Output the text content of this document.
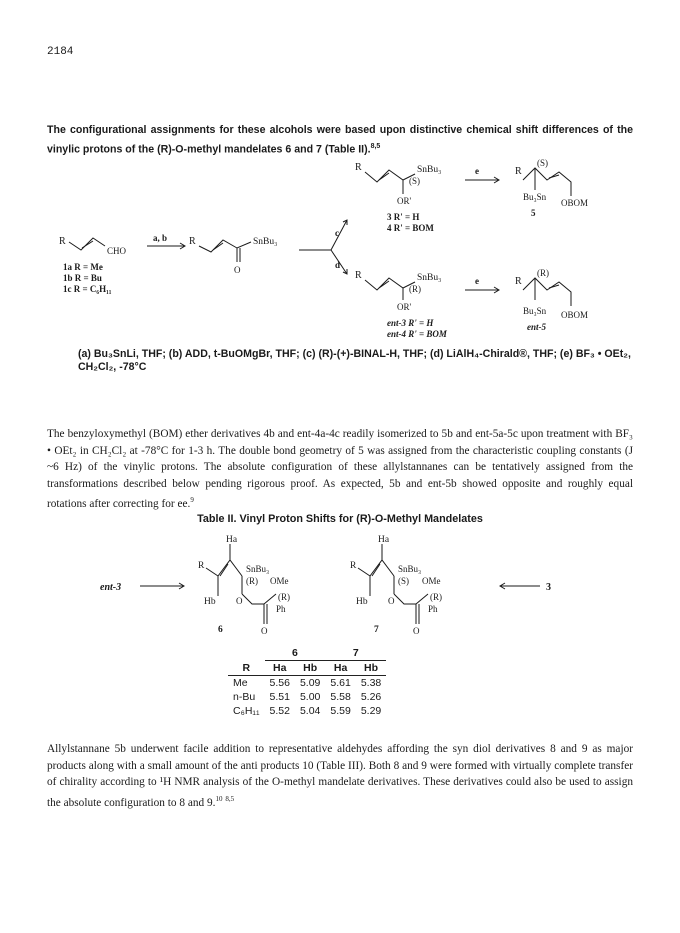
2184

The configurational assignments for these alcohols were based upon distinctive chemical shift differences of the vinylic protons of the (R)-O-methyl mandelates 6 and 7 (Table II).$^{8,5}$

R
CHO
1a R = Me
1b R = Bu
1c R = C₆H₁₁
a, b R	SnBu₃
O
c
d
R	SnBu₃
(S)
OR'
3 R' = H
4 R' = BOM
e	R
(S)
Bu₃Sn
OBOM
5
R	SnBu₃
(R)
OR'
ent-3 R' = H
ent-4 R' = BOM
e	R
(R)
Bu₃Sn OBOM
ent-5
(a) Bu₃SnLi, THF; (b) ADD, t-BuOMgBr, THF; (c) (R)-(+)-BINAL-H, THF; (d) LiAlH₄-Chirald®, THF; (e) BF₃ • OEt₂, CH₂Cl₂, -78°C

The benzyloxymethyl (BOM) ether derivatives 4b and ent-4a-4c readily isomerized to 5b and ent-5a-5c upon treatment with BF₃ • OEt₂ in CH₂Cl₂ at -78°C for 1-3 h. The double bond geometry of 5 was assigned from the characteristic coupling constants (J ~6 Hz) of the vinylic protons. The absolute configuration of these allylstannanes can be tentatively assigned from the transformations described below pending rigorous proof. As expected, 5b and ent-5b showed opposite and roughly equal rotations after correcting for ee.$^9$

Table II. Vinyl Proton Shifts for (R)-O-Methyl Mandelates
ent-3
Ha
R	SnBu₃
(R) OMe
Hb O	(R)
Ph
O
6
Ha
R	SnBu₃
(S) OMe
Hb O	(R)
Ph
O
7
3
	6		7	
R	Ha	Hb	Ha	Hb
Me	5.56	5.09	5.61	5.38
n-Bu	5.51	5.00	5.58	5.26
C₆H₁₁	5.52	5.04	5.59	5.29

Allylstannane 5b underwent facile addition to representative aldehydes affording the syn diol derivatives 8 and 9 as major products along with a small amount of the anti products 10 (Table III). Both 8 and 9 were formed with virtually complete transfer of chirality according to ¹H NMR analysis of the O-methyl mandelate derivatives. These derivatives could also be used to assign the absolute configuration to 8 and 9.10 $^{8,5}$
